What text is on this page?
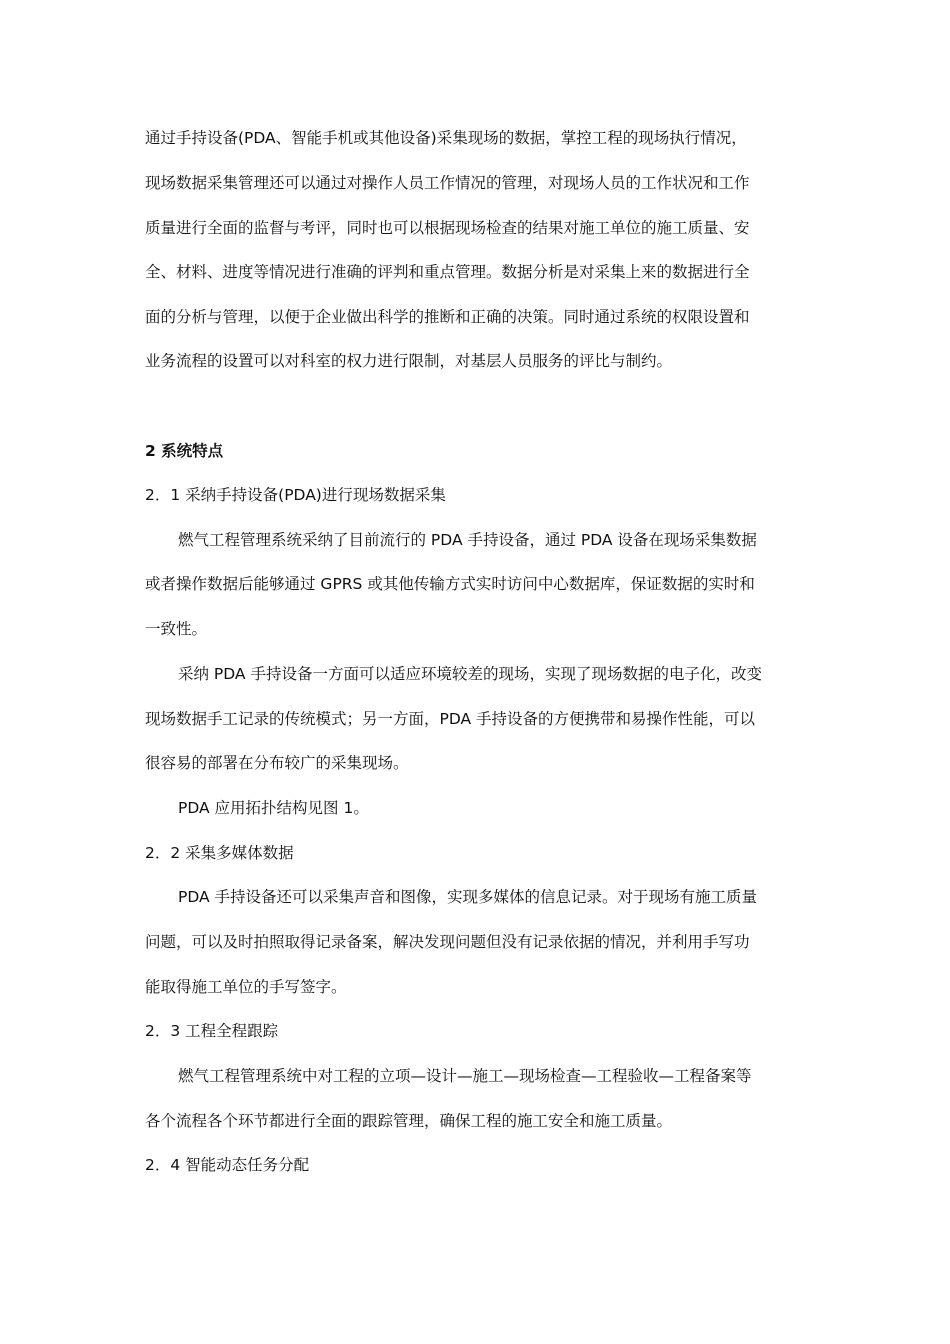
通过手持设备(PDA、智能手机或其他设备)采集现场的数据，掌控工程的现场执行情况，
现场数据采集管理还可以通过对操作人员工作情况的管理，对现场人员的工作状况和工作
质量进行全面的监督与考评，同时也可以根据现场检查的结果对施工单位的施工质量、安
全、材料、进度等情况进行准确的评判和重点管理。数据分析是对采集上来的数据进行全
面的分析与管理，以便于企业做出科学的推断和正确的决策。同时通过系统的权限设置和
业务流程的设置可以对科室的权力进行限制，对基层人员服务的评比与制约。
2 系统特点
2．1 采纳手持设备(PDA)进行现场数据采集
燃气工程管理系统采纳了目前流行的 PDA 手持设备，通过 PDA 设备在现场采集数据
或者操作数据后能够通过 GPRS 或其他传输方式实时访问中心数据库，保证数据的实时和
一致性。
采纳 PDA 手持设备一方面可以适应环境较差的现场，实现了现场数据的电子化，改变
现场数据手工记录的传统模式；另一方面，PDA 手持设备的方便携带和易操作性能，可以
很容易的部署在分布较广的采集现场。
PDA 应用拓扑结构见图 1。
2．2 采集多媒体数据
PDA 手持设备还可以采集声音和图像，实现多媒体的信息记录。对于现场有施工质量
问题，可以及时拍照取得记录备案，解决发现问题但没有记录依据的情况，并利用手写功
能取得施工单位的手写签字。
2．3 工程全程跟踪
燃气工程管理系统中对工程的立项—设计—施工—现场检查—工程验收—工程备案等
各个流程各个环节都进行全面的跟踪管理，确保工程的施工安全和施工质量。
2．4 智能动态任务分配
